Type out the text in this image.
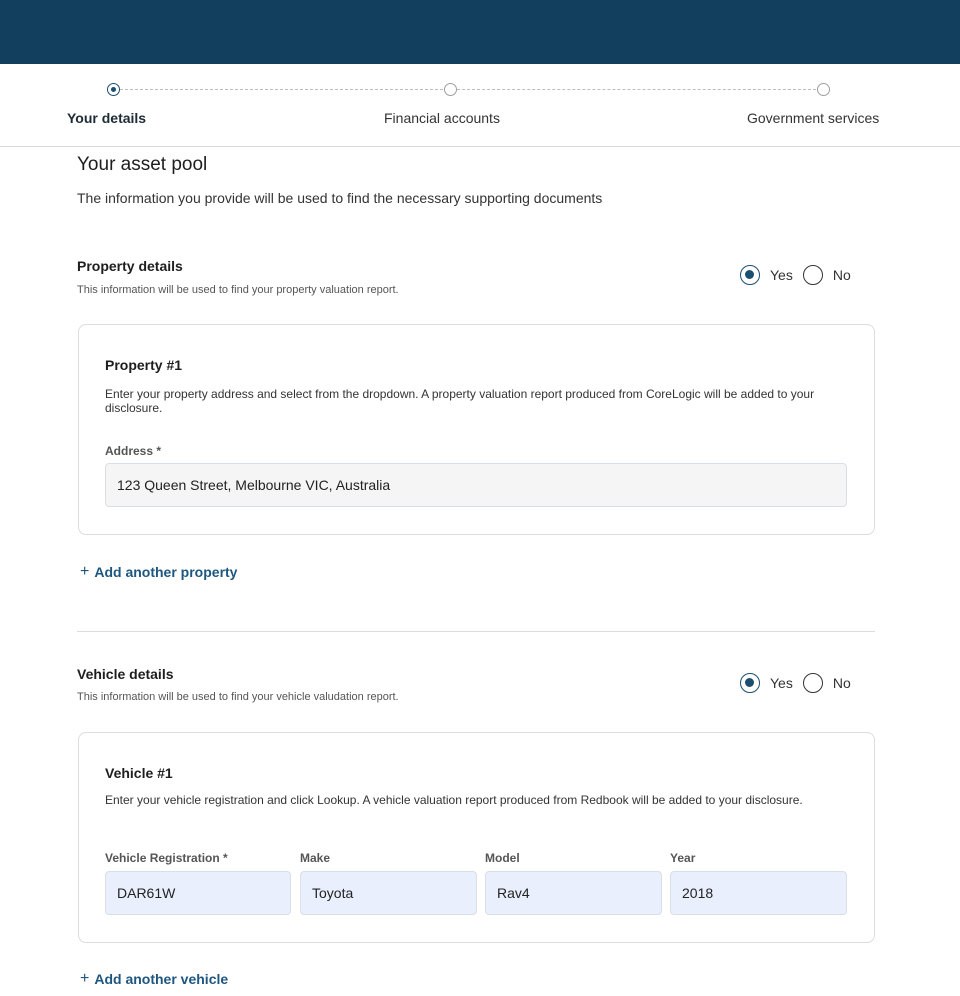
Your details	Financial accounts	Government services
Your asset pool
The information you provide will be used to find the necessary supporting documents
Property details
This information will be used to find your property valuation report.
Yes	No
Property #1
Enter your property address and select from the dropdown. A property valuation report produced from CoreLogic will be added to your disclosure.
Address *
123 Queen Street, Melbourne VIC, Australia
+ Add another property
Vehicle details
This information will be used to find your vehicle valudation report.
Yes	No
Vehicle #1
Enter your vehicle registration and click Lookup. A vehicle valuation report produced from Redbook will be added to your disclosure.
Vehicle Registration *
DAR61W
Make
Toyota
Model
Rav4
Year
2018
+ Add another vehicle
